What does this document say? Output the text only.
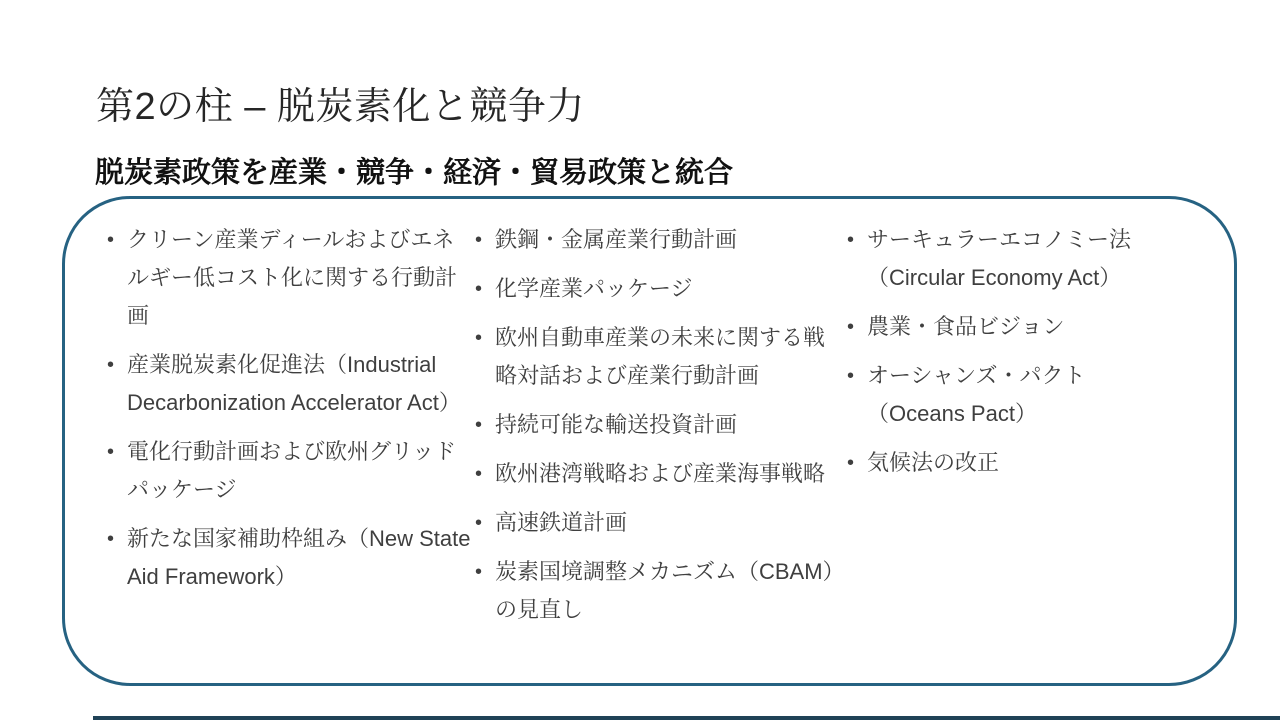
第2の柱 – 脱炭素化と競争力
脱炭素政策を産業・競争・経済・貿易政策と統合
• クリーン産業ディールおよびエネルギー低コスト化に関する行動計画
• 産業脱炭素化促進法（Industrial Decarbonization Accelerator Act）
• 電化行動計画および欧州グリッドパッケージ
• 新たな国家補助枠組み（New State Aid Framework）
• 鉄鋼・金属産業行動計画
• 化学産業パッケージ
• 欧州自動車産業の未来に関する戦略対話および産業行動計画
• 持続可能な輸送投資計画
• 欧州港湾戦略および産業海事戦略
• 高速鉄道計画
• 炭素国境調整メカニズム（CBAM）の見直し
• サーキュラーエコノミー法（Circular Economy Act）
• 農業・食品ビジョン
• オーシャンズ・パクト（Oceans Pact）
• 気候法の改正
